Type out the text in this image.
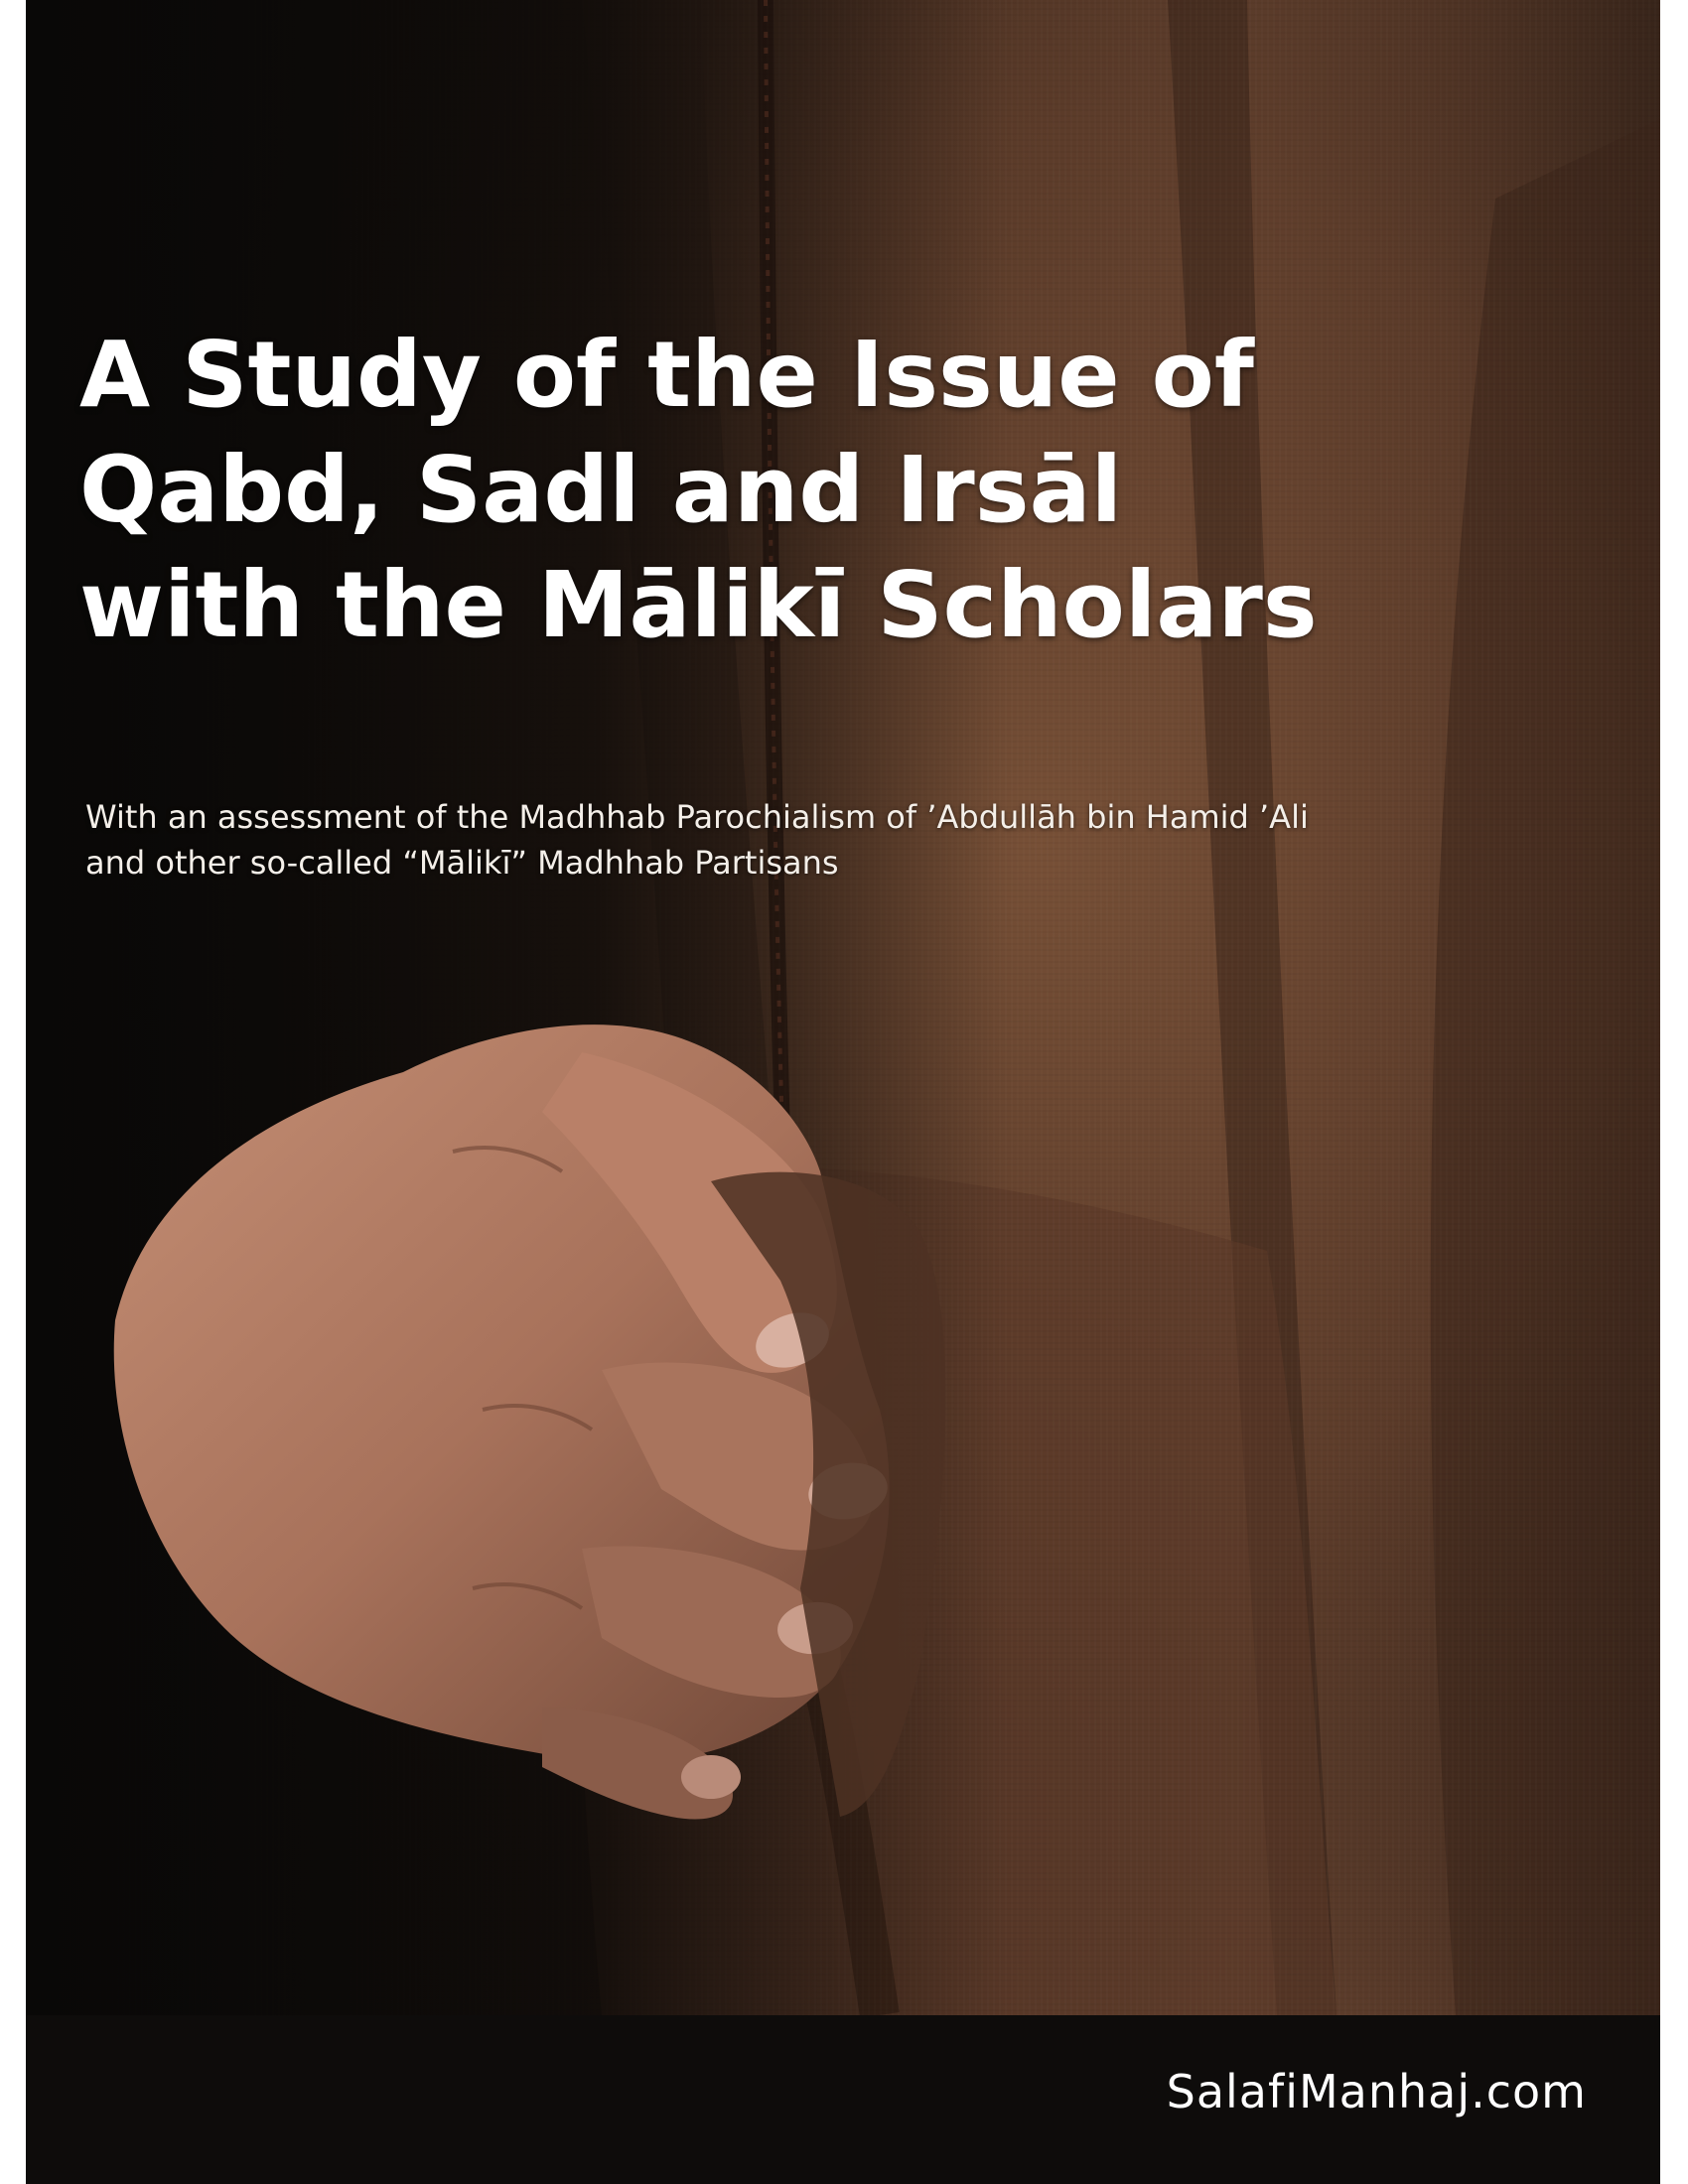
A Study of the Issue of
Qabd, Sadl and Irsāl
with the Mālikī Scholars

With an assessment of the Madhhab Parochialism of ’Abdullāh bin Hamid ’Ali
and other so-called “Mālikī” Madhhab Partisans

SalafiManhaj.com
